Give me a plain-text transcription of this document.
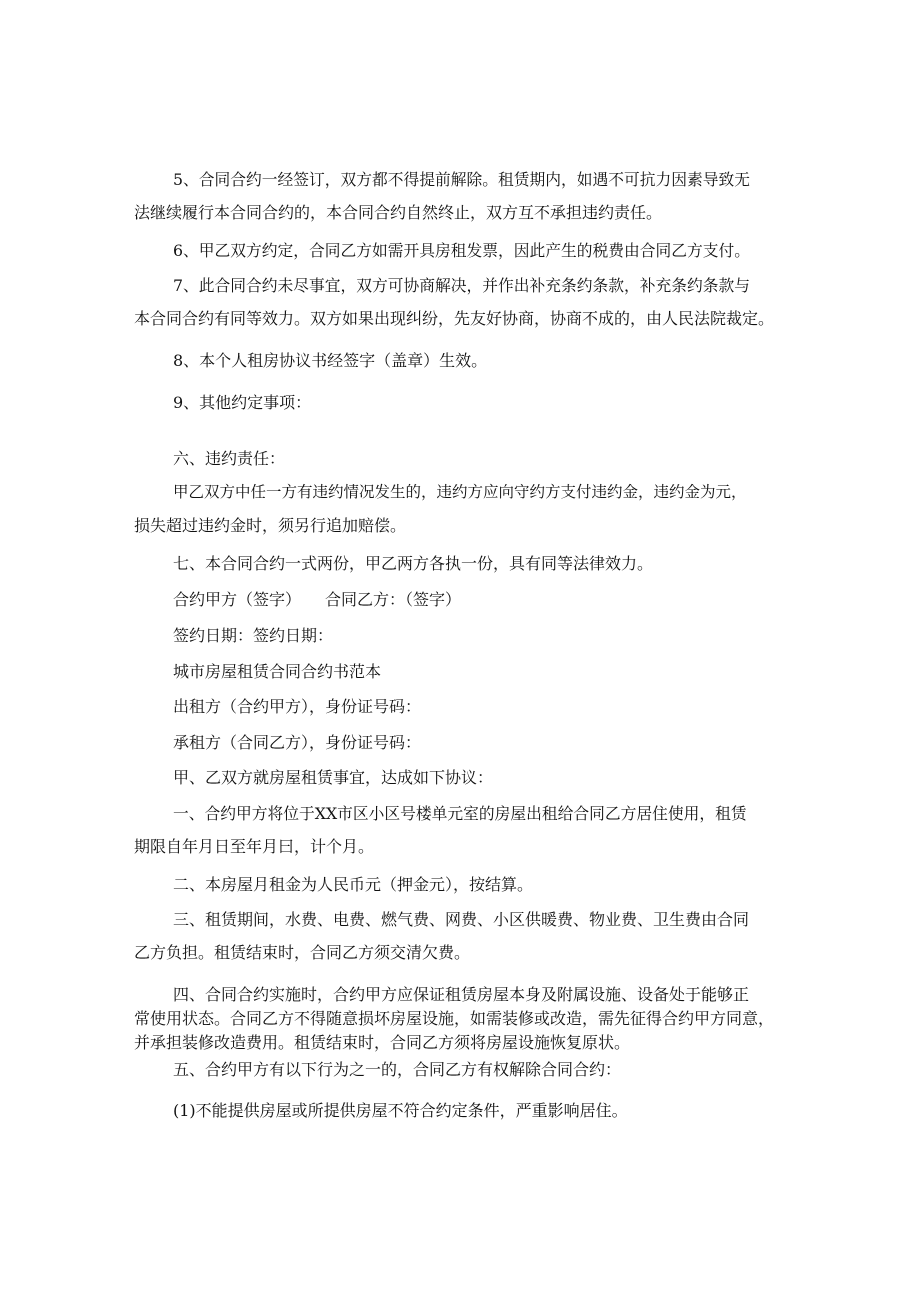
5、合同合约一经签订，双方都不得提前解除。租赁期内，如遇不可抗力因素导致无
法继续履行本合同合约的，本合同合约自然终止，双方互不承担违约责任。
6、甲乙双方约定，合同乙方如需开具房租发票，因此产生的税费由合同乙方支付。
7、此合同合约未尽事宜，双方可协商解决，并作出补充条约条款，补充条约条款与
本合同合约有同等效力。双方如果出现纠纷，先友好协商，协商不成的，由人民法院裁定。
8、本个人租房协议书经签字（盖章）生效。
9、其他约定事项：
六、违约责任：
甲乙双方中任一方有违约情况发生的，违约方应向守约方支付违约金，违约金为元，
损失超过违约金时，须另行追加赔偿。
七、本合同合约一式两份，甲乙两方各执一份，具有同等法律效力。
合约甲方（签字）　　合同乙方：（签字）
签约日期：签约日期：
城市房屋租赁合同合约书范本
出租方（合约甲方），身份证号码：
承租方（合同乙方），身份证号码：
甲、乙双方就房屋租赁事宜，达成如下协议：
一、合约甲方将位于XX市区小区号楼单元室的房屋出租给合同乙方居住使用，租赁
期限自年月日至年月曰，计个月。
二、本房屋月租金为人民币元（押金元），按结算。
三、租赁期间，水费、电费、燃气费、网费、小区供暖费、物业费、卫生费由合同
乙方负担。租赁结束时，合同乙方须交清欠费。
四、合同合约实施时，合约甲方应保证租赁房屋本身及附属设施、设备处于能够正
常使用状态。合同乙方不得随意损坏房屋设施，如需装修或改造，需先征得合约甲方同意，
并承担装修改造费用。租赁结束时，合同乙方须将房屋设施恢复原状。
五、合约甲方有以下行为之一的，合同乙方有权解除合同合约：
(1)不能提供房屋或所提供房屋不符合约定条件，严重影响居住。
